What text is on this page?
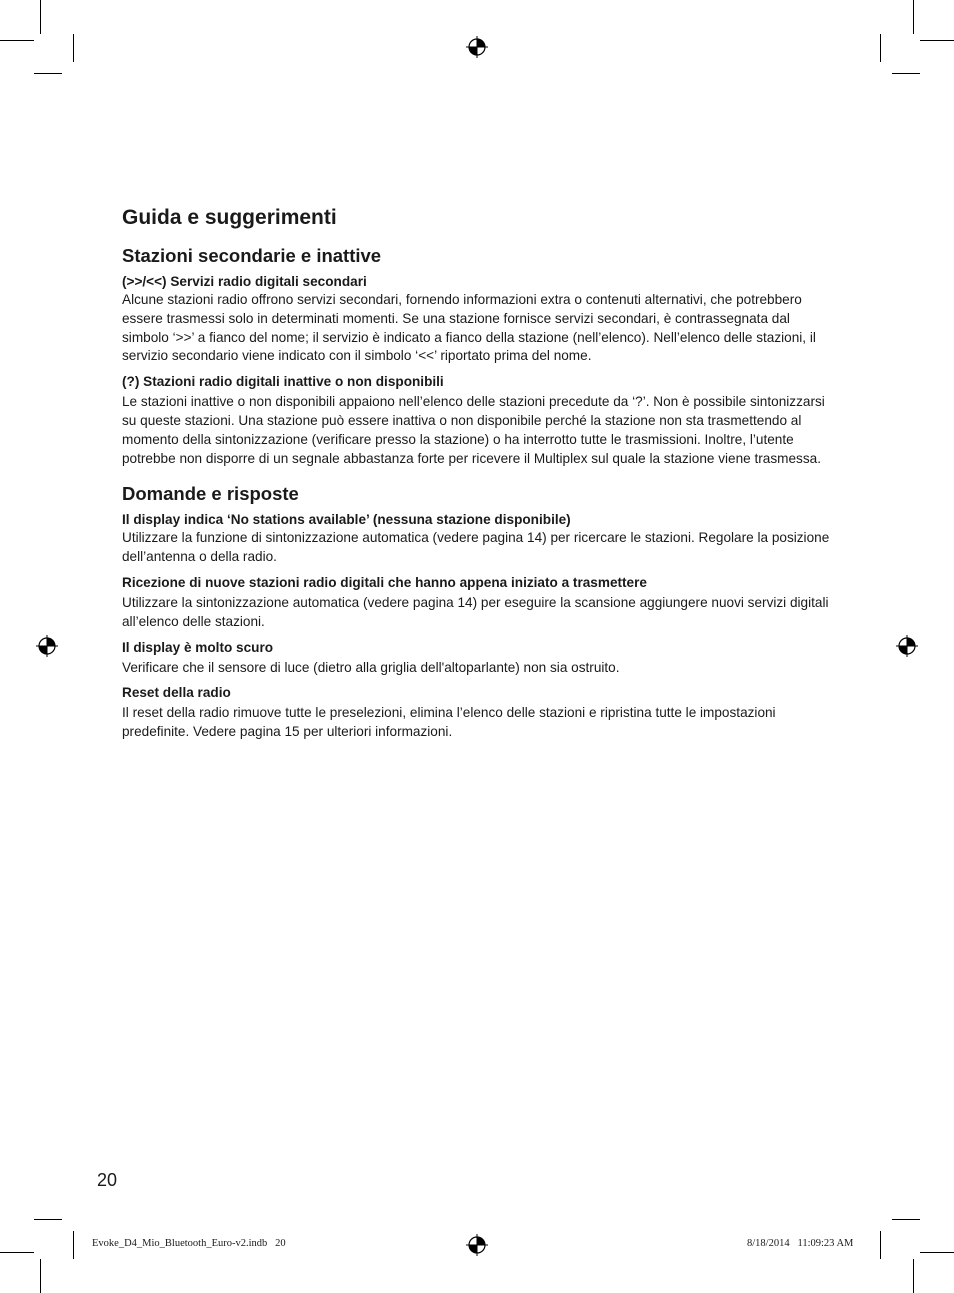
Guida e suggerimenti
Stazioni secondarie e inattive
(>>/<<) Servizi radio digitali secondari

Alcune stazioni radio offrono servizi secondari, fornendo informazioni extra o contenuti alternativi, che potrebbero essere trasmessi solo in determinati momenti. Se una stazione fornisce servizi secondari, è contrassegnata dal simbolo ‘>>’ a fianco del nome; il servizio è indicato a fianco della stazione (nell’elenco). Nell’elenco delle stazioni, il servizio secondario viene indicato con il simbolo ‘<<’ riportato prima del nome.

(?) Stazioni radio digitali inattive o non disponibili

Le stazioni inattive o non disponibili appaiono nell’elenco delle stazioni precedute da ‘?’. Non è possibile sintonizzarsi su queste stazioni. Una stazione può essere inattiva o non disponibile perché la stazione non sta trasmettendo al momento della sintonizzazione (verificare presso la stazione) o ha interrotto tutte le trasmissioni. Inoltre, l’utente potrebbe non disporre di un segnale abbastanza forte per ricevere il Multiplex sul quale la stazione viene trasmessa.

Domande e risposte
Il display indica ‘No stations available’ (nessuna stazione disponibile)

Utilizzare la funzione di sintonizzazione automatica (vedere pagina 14) per ricercare le stazioni. Regolare la posizione dell’antenna o della radio.

Ricezione di nuove stazioni radio digitali che hanno appena iniziato a trasmettere

Utilizzare la sintonizzazione automatica (vedere pagina 14) per eseguire la scansione aggiungere nuovi servizi digitali all’elenco delle stazioni.

Il display è molto scuro

Verificare che il sensore di luce (dietro alla griglia dell'altoparlante) non sia ostruito.

Reset della radio

Il reset della radio rimuove tutte le preselezioni, elimina l’elenco delle stazioni e ripristina tutte le impostazioni predefinite. Vedere pagina 15 per ulteriori informazioni.

20
Evoke_D4_Mio_Bluetooth_Euro-v2.indb   20	8/18/2014   11:09:23 AM
